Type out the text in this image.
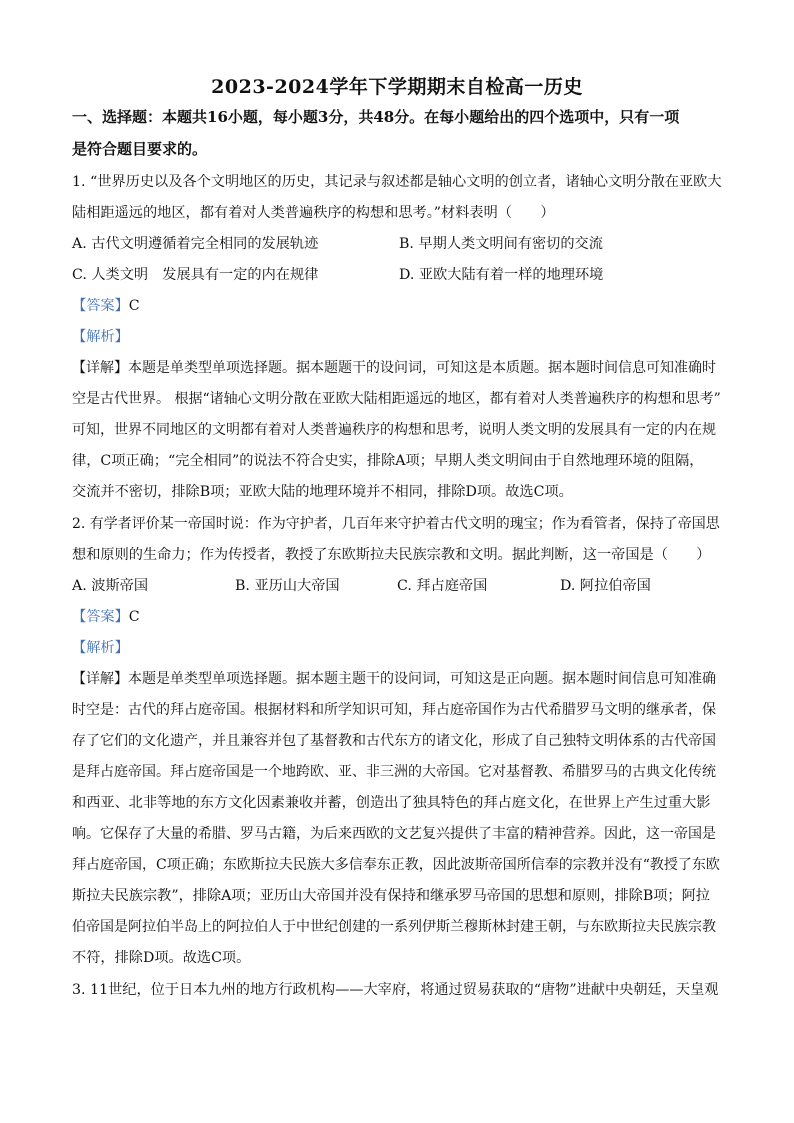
2023-2024学年下学期期末自检高一历史
一、选择题：本题共16小题，每小题3分，共48分。在每小题给出的四个选项中，只有一项
是符合题目要求的。
1. “世界历史以及各个文明地区的历史，其记录与叙述都是轴心文明的创立者，诸轴心文明分散在亚欧大
陆相距遥远的地区，都有着对人类普遍秩序的构想和思考。”材料表明（　　）
A. 古代文明遵循着完全相同的发展轨迹	B. 早期人类文明间有密切的交流
C. 人类文明　发展具有一定的内在规律	D. 亚欧大陆有着一样的地理环境
【答案】C
【解析】
【详解】本题是单类型单项选择题。据本题题干的设问词，可知这是本质题。据本题时间信息可知准确时
空是古代世界。 根据“诸轴心文明分散在亚欧大陆相距遥远的地区，都有着对人类普遍秩序的构想和思考”
可知，世界不同地区的文明都有着对人类普遍秩序的构想和思考，说明人类文明的发展具有一定的内在规
律，C项正确；“完全相同”的说法不符合史实，排除A项；早期人类文明间由于自然地理环境的阻隔，
交流并不密切，排除B项；亚欧大陆的地理环境并不相同，排除D项。故选C项。
2. 有学者评价某一帝国时说：作为守护者，几百年来守护着古代文明的瑰宝；作为看管者，保持了帝国思
想和原则的生命力；作为传授者，教授了东欧斯拉夫民族宗教和文明。据此判断，这一帝国是（　　）
A. 波斯帝国	B. 亚历山大帝国	C. 拜占庭帝国	D. 阿拉伯帝国
【答案】C
【解析】
【详解】本题是单类型单项选择题。据本题主题干的设问词，可知这是正向题。据本题时间信息可知准确
时空是：古代的拜占庭帝国。根据材料和所学知识可知，拜占庭帝国作为古代希腊罗马文明的继承者，保
存了它们的文化遗产，并且兼容并包了基督教和古代东方的诸文化，形成了自己独特文明体系的古代帝国
是拜占庭帝国。拜占庭帝国是一个地跨欧、亚、非三洲的大帝国。它对基督教、希腊罗马的古典文化传统
和西亚、北非等地的东方文化因素兼收并蓄，创造出了独具特色的拜占庭文化，在世界上产生过重大影
响。它保存了大量的希腊、罗马古籍，为后来西欧的文艺复兴提供了丰富的精神营养。因此，这一帝国是
拜占庭帝国，C项正确；东欧斯拉夫民族大多信奉东正教，因此波斯帝国所信奉的宗教并没有“教授了东欧
斯拉夫民族宗教”，排除A项；亚历山大帝国并没有保持和继承罗马帝国的思想和原则，排除B项；阿拉
伯帝国是阿拉伯半岛上的阿拉伯人于中世纪创建的一系列伊斯兰穆斯林封建王朝，与东欧斯拉夫民族宗教
不符，排除D项。故选C项。
3. 11世纪，位于日本九州的地方行政机构——大宰府，将通过贸易获取的“唐物”进献中央朝廷，天皇观
